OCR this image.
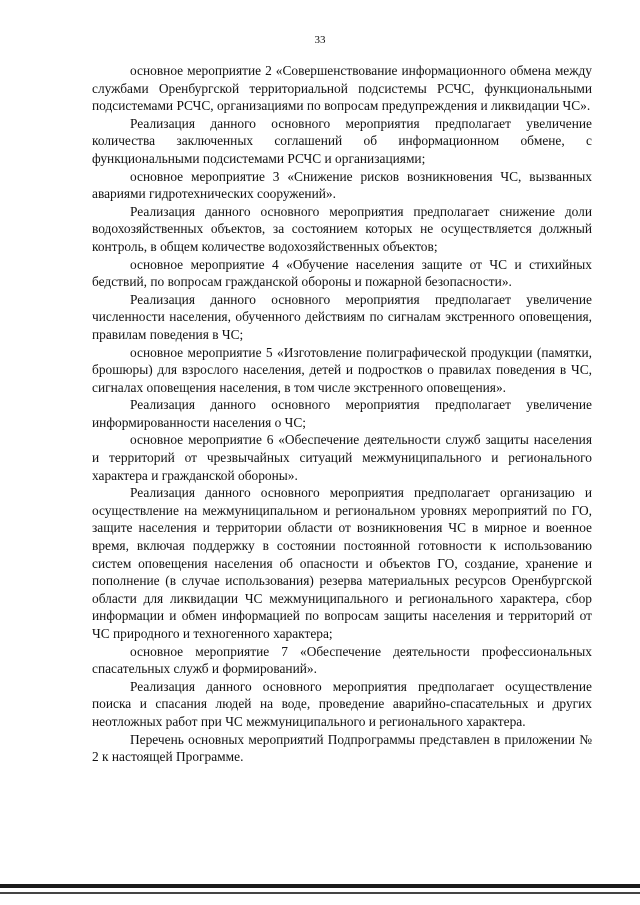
33

основное мероприятие 2 «Совершенствование информационного обмена между службами Оренбургской территориальной подсистемы РСЧС, функциональными подсистемами РСЧС, организациями по вопросам предупреждения и ликвидации ЧС».

Реализация данного основного мероприятия предполагает увеличение количества заключенных соглашений об информационном обмене, с функциональными подсистемами РСЧС и организациями;

основное мероприятие 3 «Снижение рисков возникновения ЧС, вызванных авариями гидротехнических сооружений».

Реализация данного основного мероприятия предполагает снижение доли водохозяйственных объектов, за состоянием которых не осуществляется должный контроль, в общем количестве водохозяйственных объектов;

основное мероприятие 4 «Обучение населения защите от ЧС и стихийных бедствий, по вопросам гражданской обороны и пожарной безопасности».

Реализация данного основного мероприятия предполагает увеличение численности населения, обученного действиям по сигналам экстренного оповещения, правилам поведения в ЧС;

основное мероприятие 5 «Изготовление полиграфической продукции (памятки, брошюры) для взрослого населения, детей и подростков о правилах поведения в ЧС, сигналах оповещения населения, в том числе экстренного оповещения».

Реализация данного основного мероприятия предполагает увеличение информированности населения о ЧС;

основное мероприятие 6 «Обеспечение деятельности служб защиты населения и территорий от чрезвычайных ситуаций межмуниципального и регионального характера и гражданской обороны».

Реализация данного основного мероприятия предполагает организацию и осуществление на межмуниципальном и региональном уровнях мероприятий по ГО, защите населения и территории области от возникновения ЧС в мирное и военное время, включая поддержку в состоянии постоянной готовности к использованию систем оповещения населения об опасности и объектов ГО, создание, хранение и пополнение (в случае использования) резерва материальных ресурсов Оренбургской области для ликвидации ЧС межмуниципального и регионального характера, сбор информации и обмен информацией по вопросам защиты населения и территорий от ЧС природного и техногенного характера;

основное мероприятие 7 «Обеспечение деятельности профессиональных спасательных служб и формирований».

Реализация данного основного мероприятия предполагает осуществление поиска и спасания людей на воде, проведение аварийно-спасательных и других неотложных работ при ЧС межмуниципального и регионального характера.

Перечень основных мероприятий Подпрограммы представлен в приложении № 2 к настоящей Программе.
